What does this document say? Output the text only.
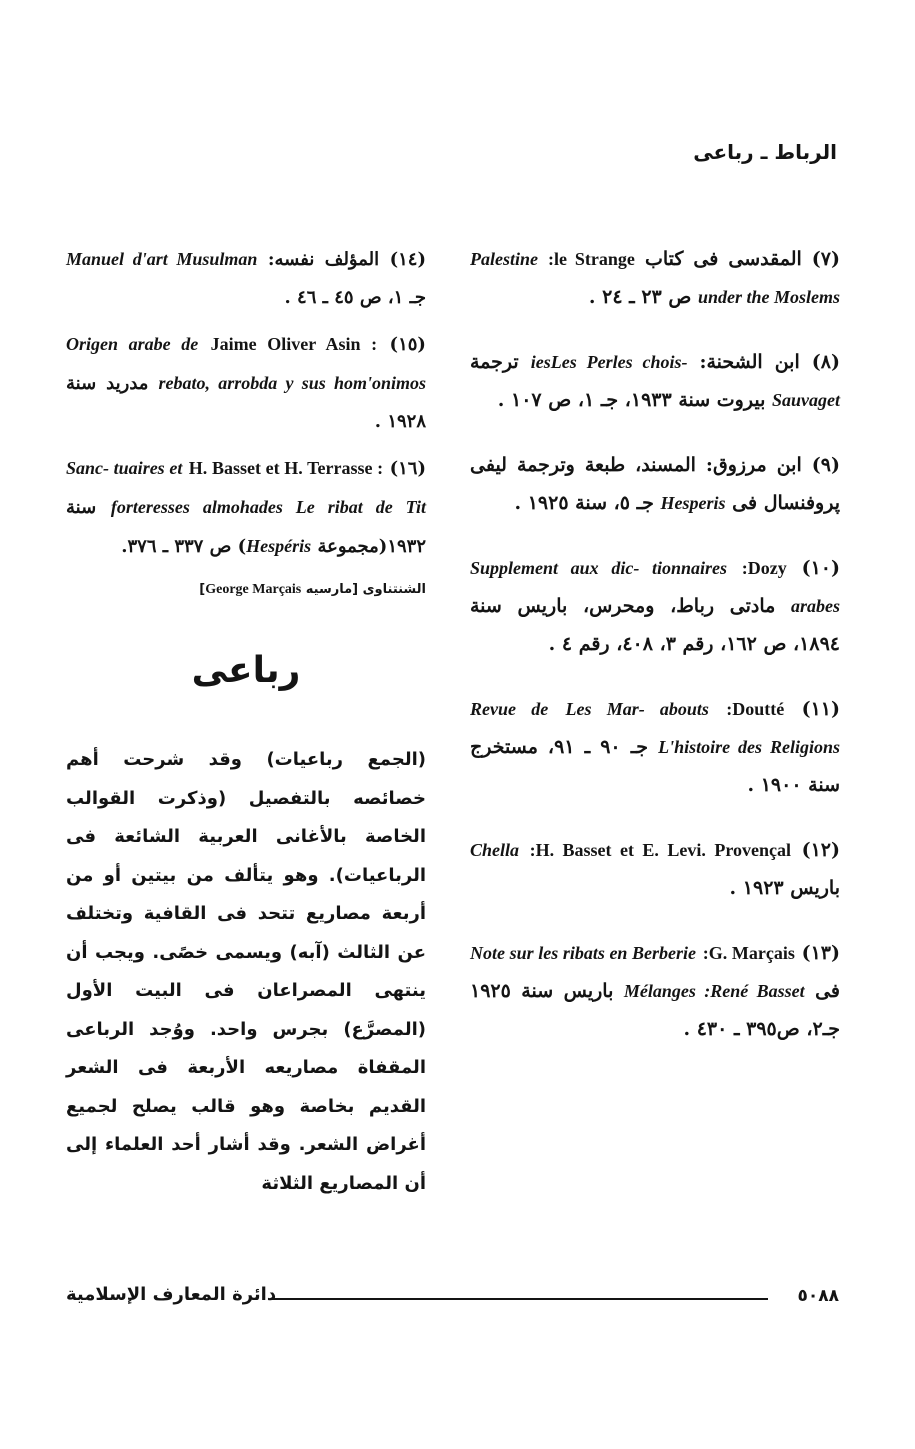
الرباط ـ رباعى

(٧) المقدسى فى كتاب :le Strange Palestine under the Moslems ص ٢٣ ـ ٢٤ .

(٨) ابن الشحنة: Les Perles chois-ies ترجمة Sauvaget بيروت سنة ١٩٣٣، جـ ١، ص ١٠٧ .

(٩) ابن مرزوق: المسند، طبعة وترجمة ليفى پروفنسال فى Hesperis جـ ٥، سنة ١٩٢٥ .

(١٠) :Dozy Supplement aux dic- tionnaires arabes مادتى رباط، ومحرس، باريس سنة ١٨٩٤، ص ١٦٢، رقم ٣، ٤٠٨، رقم ٤ .

(١١) :Doutté Les Mar- abouts Revue de L'histoire des Religions جـ ٩٠ ـ ٩١، مستخرج سنة ١٩٠٠ .

(١٢) :H. Basset et E. Levi. Provençal Chella باريس ١٩٢٣ .

(١٣) :G. Marçais Note sur les ribats en Berberie فى Mélanges :René Basset باريس سنة ١٩٢٥ جـ٢، ص٣٩٥ ـ ٤٣٠ .

(١٤) المؤلف نفسه: Manuel d'art Musulman جـ ١، ص ٤٥ ـ ٤٦ .

(١٥) Jaime Oliver Asin : Origen arabe de rebato, arrobda y sus hom'onimos مدريد سنة ١٩٢٨ .

(١٦) H. Basset et H. Terrasse : Sanc- tuaires et forteresses almohades Le ribat de Tit سنة ١٩٣٢(مجموعة Hespéris) ص ٣٣٧ ـ ٣٧٦.

الشنتناوى [مارسيه George Marçais]

رباعى
(الجمع رباعيات) وقد شرحت أهم خصائصه بالتفصيل (وذكرت القوالب الخاصة بالأغانى العربية الشائعة فى الرباعيات). وهو يتألف من بيتين أو من أربعة مصاريع تتحد فى القافية وتختلف عن الثالث (آبه) ويسمى خصًى. ويجب أن ينتهى المصراعان فى البيت الأول (المصرَّع) بجرس واحد. ووُجد الرباعى المقفاة مصاريعه الأربعة فى الشعر القديم بخاصة وهو قالب يصلح لجميع أغراض الشعر. وقد أشار أحد العلماء إلى أن المصاريع الثلاثة
٥٠٨٨
دائرة المعارف الإسلامية
